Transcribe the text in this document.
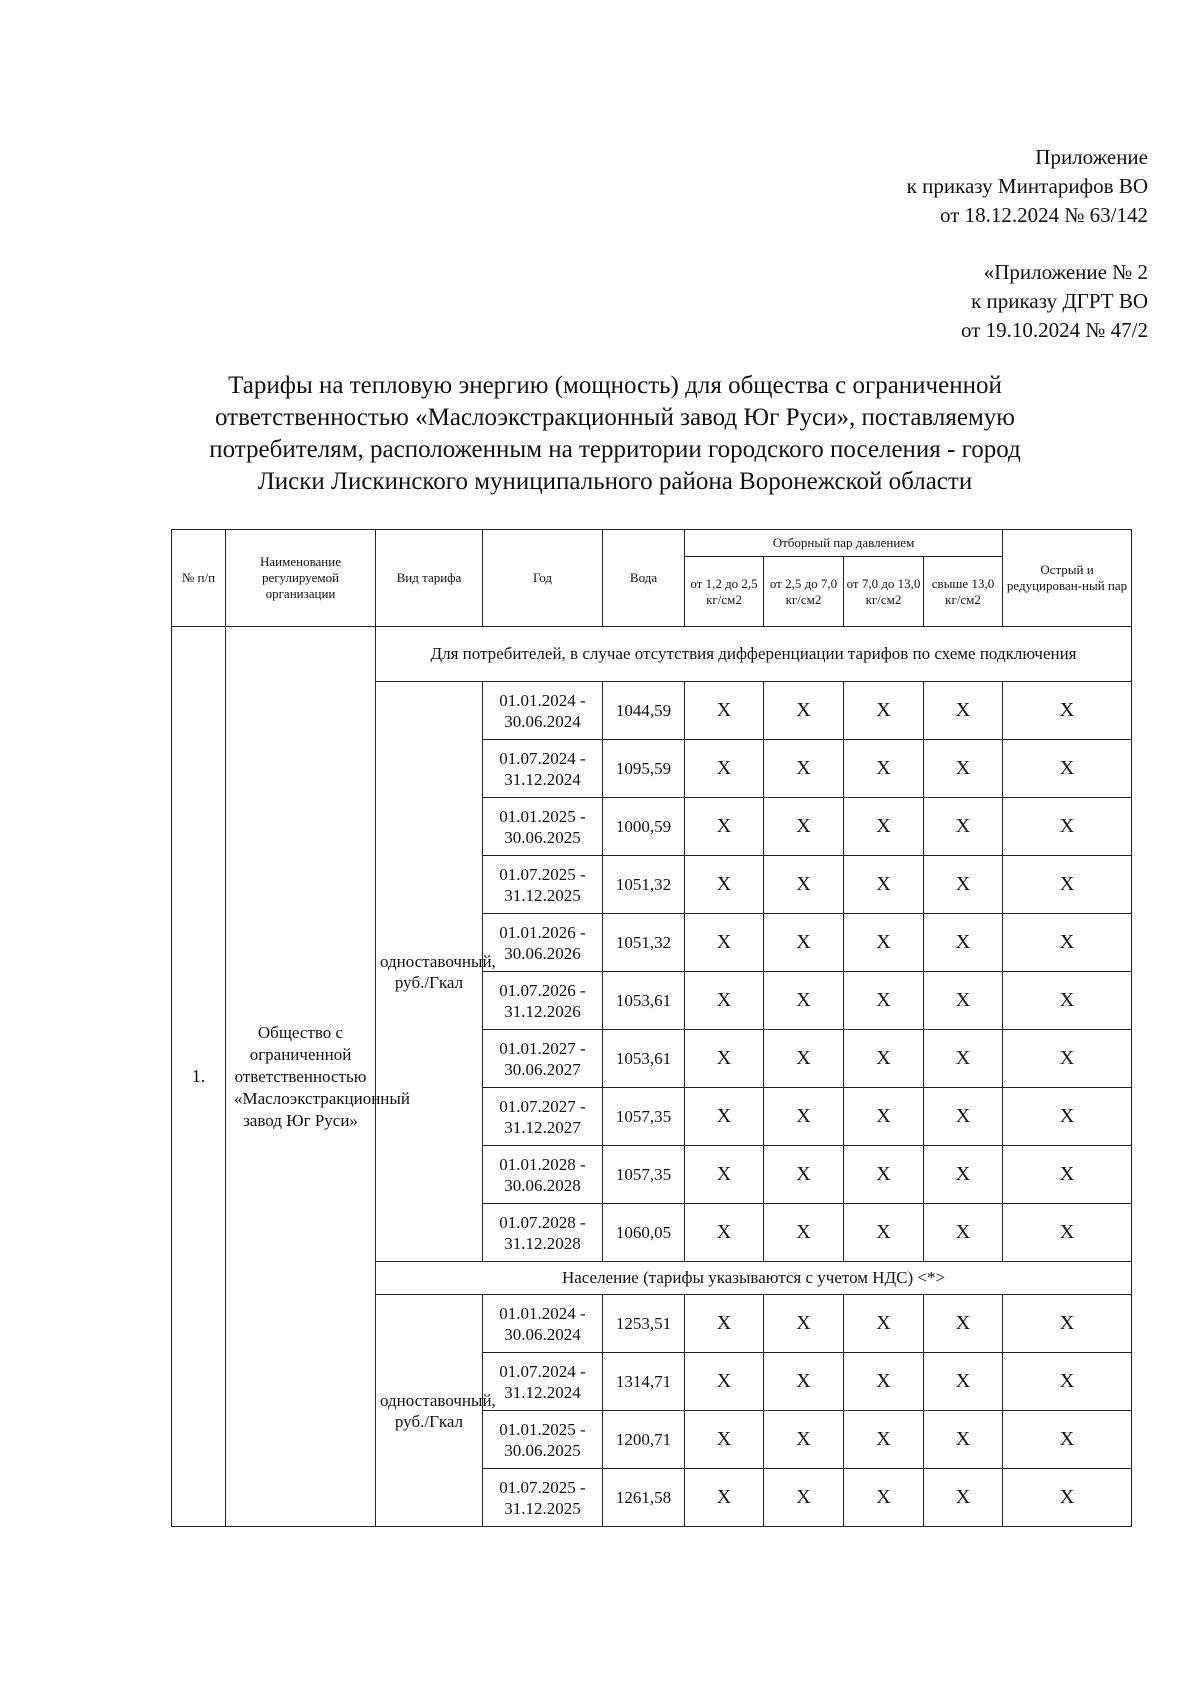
Приложение
к приказу Минтарифов ВО
от 18.12.2024 № 63/142
«Приложение № 2
к приказу ДГРТ ВО
от 19.10.2024 № 47/2
Тарифы на тепловую энергию (мощность) для общества с ограниченной
ответственностью «Маслоэкстракционный завод Юг Руси», поставляемую
потребителям, расположенным на территории городского поселения - город
Лиски Лискинского муниципального района Воронежской области
№ п/п	Наименование регулируемой организации	Вид тарифа	Год	Вода	Отборный пар давлением				Острый и редуцирован-ный пар
					от 1,2 до 2,5 кг/см2	от 2,5 до 7,0 кг/см2	от 7,0 до 13,0 кг/см2	свыше 13,0 кг/см2	
1.	Общество с ограниченной ответственностью «Маслоэкстракционный завод Юг Руси»	Для потребителей, в случае отсутствия дифференциации тарифов по схеме подключения							
		одноставочный, руб./Гкал	01.01.2024 - 30.06.2024	1044,59	X	X	X	X	X
			01.07.2024 - 31.12.2024	1095,59	X	X	X	X	X
			01.01.2025 - 30.06.2025	1000,59	X	X	X	X	X
			01.07.2025 - 31.12.2025	1051,32	X	X	X	X	X
			01.01.2026 - 30.06.2026	1051,32	X	X	X	X	X
			01.07.2026 - 31.12.2026	1053,61	X	X	X	X	X
			01.01.2027 - 30.06.2027	1053,61	X	X	X	X	X
			01.07.2027 - 31.12.2027	1057,35	X	X	X	X	X
			01.01.2028 - 30.06.2028	1057,35	X	X	X	X	X
			01.07.2028 - 31.12.2028	1060,05	X	X	X	X	X
		Население (тарифы указываются с учетом НДС) <*>							
		одноставочный, руб./Гкал	01.01.2024 - 30.06.2024	1253,51	X	X	X	X	X
			01.07.2024 - 31.12.2024	1314,71	X	X	X	X	X
			01.01.2025 - 30.06.2025	1200,71	X	X	X	X	X
			01.07.2025 - 31.12.2025	1261,58	X	X	X	X	X
